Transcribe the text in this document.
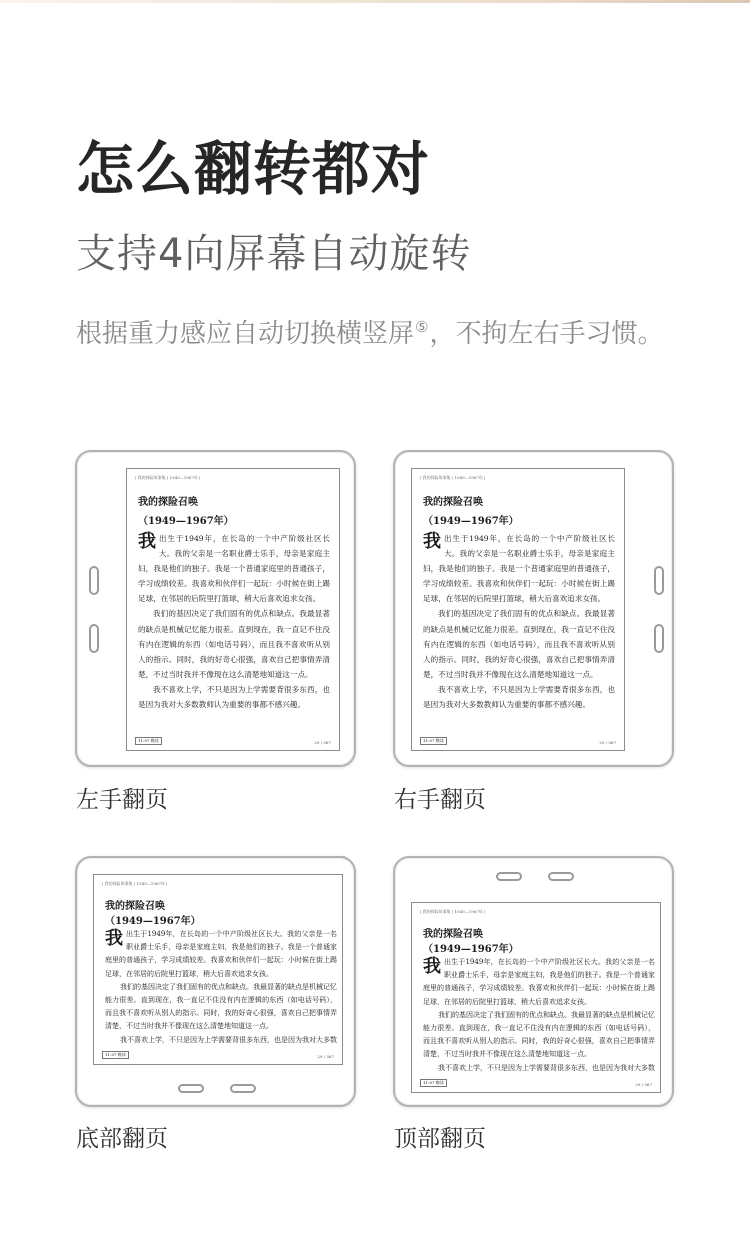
怎么翻转都对
支持4向屏幕自动旋转
根据重力感应自动切换横竖屏⑤，不拘左右手习惯。
| 我的探险故事集 | 1949—1967年 |
我的探险召唤
（1949—1967年）

我出生于1949年，在长岛的一个中产阶级社区长大。我的父亲是一名职业爵士乐手，母亲是家庭主妇，我是他们的独子。我是一个普通家庭里的普通孩子，学习成绩较差。我喜欢和伙伴们一起玩：小时候在街上踢足球，在邻居的后院里打篮球，稍大后喜欢追求女孩。

我们的基因决定了我们固有的优点和缺点。我最显著的缺点是机械记忆能力很差。直到现在，我一直记不住没有内在逻辑的东西（如电话号码），而且我不喜欢听从别人的指示。同时，我的好奇心很强，喜欢自己把事情弄清楚，不过当时我并不像现在这么清楚地知道这一点。

我不喜欢上学，不只是因为上学需要背很多东西，也是因为我对大多数教师认为重要的事都不感兴趣。

11:07 晚读	29 / 367
左手翻页
| 我的探险故事集 | 1949—1967年 |
我的探险召唤
（1949—1967年）

我出生于1949年，在长岛的一个中产阶级社区长大。我的父亲是一名职业爵士乐手，母亲是家庭主妇，我是他们的独子。我是一个普通家庭里的普通孩子，学习成绩较差。我喜欢和伙伴们一起玩：小时候在街上踢足球，在邻居的后院里打篮球，稍大后喜欢追求女孩。

我们的基因决定了我们固有的优点和缺点。我最显著的缺点是机械记忆能力很差。直到现在，我一直记不住没有内在逻辑的东西（如电话号码），而且我不喜欢听从别人的指示。同时，我的好奇心很强，喜欢自己把事情弄清楚，不过当时我并不像现在这么清楚地知道这一点。

我不喜欢上学，不只是因为上学需要背很多东西，也是因为我对大多数教师认为重要的事都不感兴趣。

11:07 晚读	29 / 367
右手翻页
| 我的探险故事集 | 1949—1967年 |
我的探险召唤
（1949—1967年）

我出生于1949年，在长岛的一个中产阶级社区长大。我的父亲是一名职业爵士乐手，母亲是家庭主妇，我是他们的独子。我是一个普通家庭里的普通孩子，学习成绩较差。我喜欢和伙伴们一起玩：小时候在街上踢足球，在邻居的后院里打篮球，稍大后喜欢追求女孩。

我们的基因决定了我们固有的优点和缺点。我最显著的缺点是机械记忆能力很差。直到现在，我一直记不住没有内在逻辑的东西（如电话号码），而且我不喜欢听从别人的指示。同时，我的好奇心很强，喜欢自己把事情弄清楚，不过当时我并不像现在这么清楚地知道这一点。

我不喜欢上学，不只是因为上学需要背很多东西，也是因为我对大多数

11:07 晚读	29 / 367
底部翻页
| 我的探险故事集 | 1949—1967年 |
我的探险召唤
（1949—1967年）

我出生于1949年，在长岛的一个中产阶级社区长大。我的父亲是一名职业爵士乐手，母亲是家庭主妇，我是他们的独子。我是一个普通家庭里的普通孩子，学习成绩较差。我喜欢和伙伴们一起玩：小时候在街上踢足球，在邻居的后院里打篮球，稍大后喜欢追求女孩。

我们的基因决定了我们固有的优点和缺点。我最显著的缺点是机械记忆能力很差。直到现在，我一直记不住没有内在逻辑的东西（如电话号码），而且我不喜欢听从别人的指示。同时，我的好奇心很强，喜欢自己把事情弄清楚，不过当时我并不像现在这么清楚地知道这一点。

我不喜欢上学，不只是因为上学需要背很多东西，也是因为我对大多数

11:07 晚读	29 / 367
顶部翻页
